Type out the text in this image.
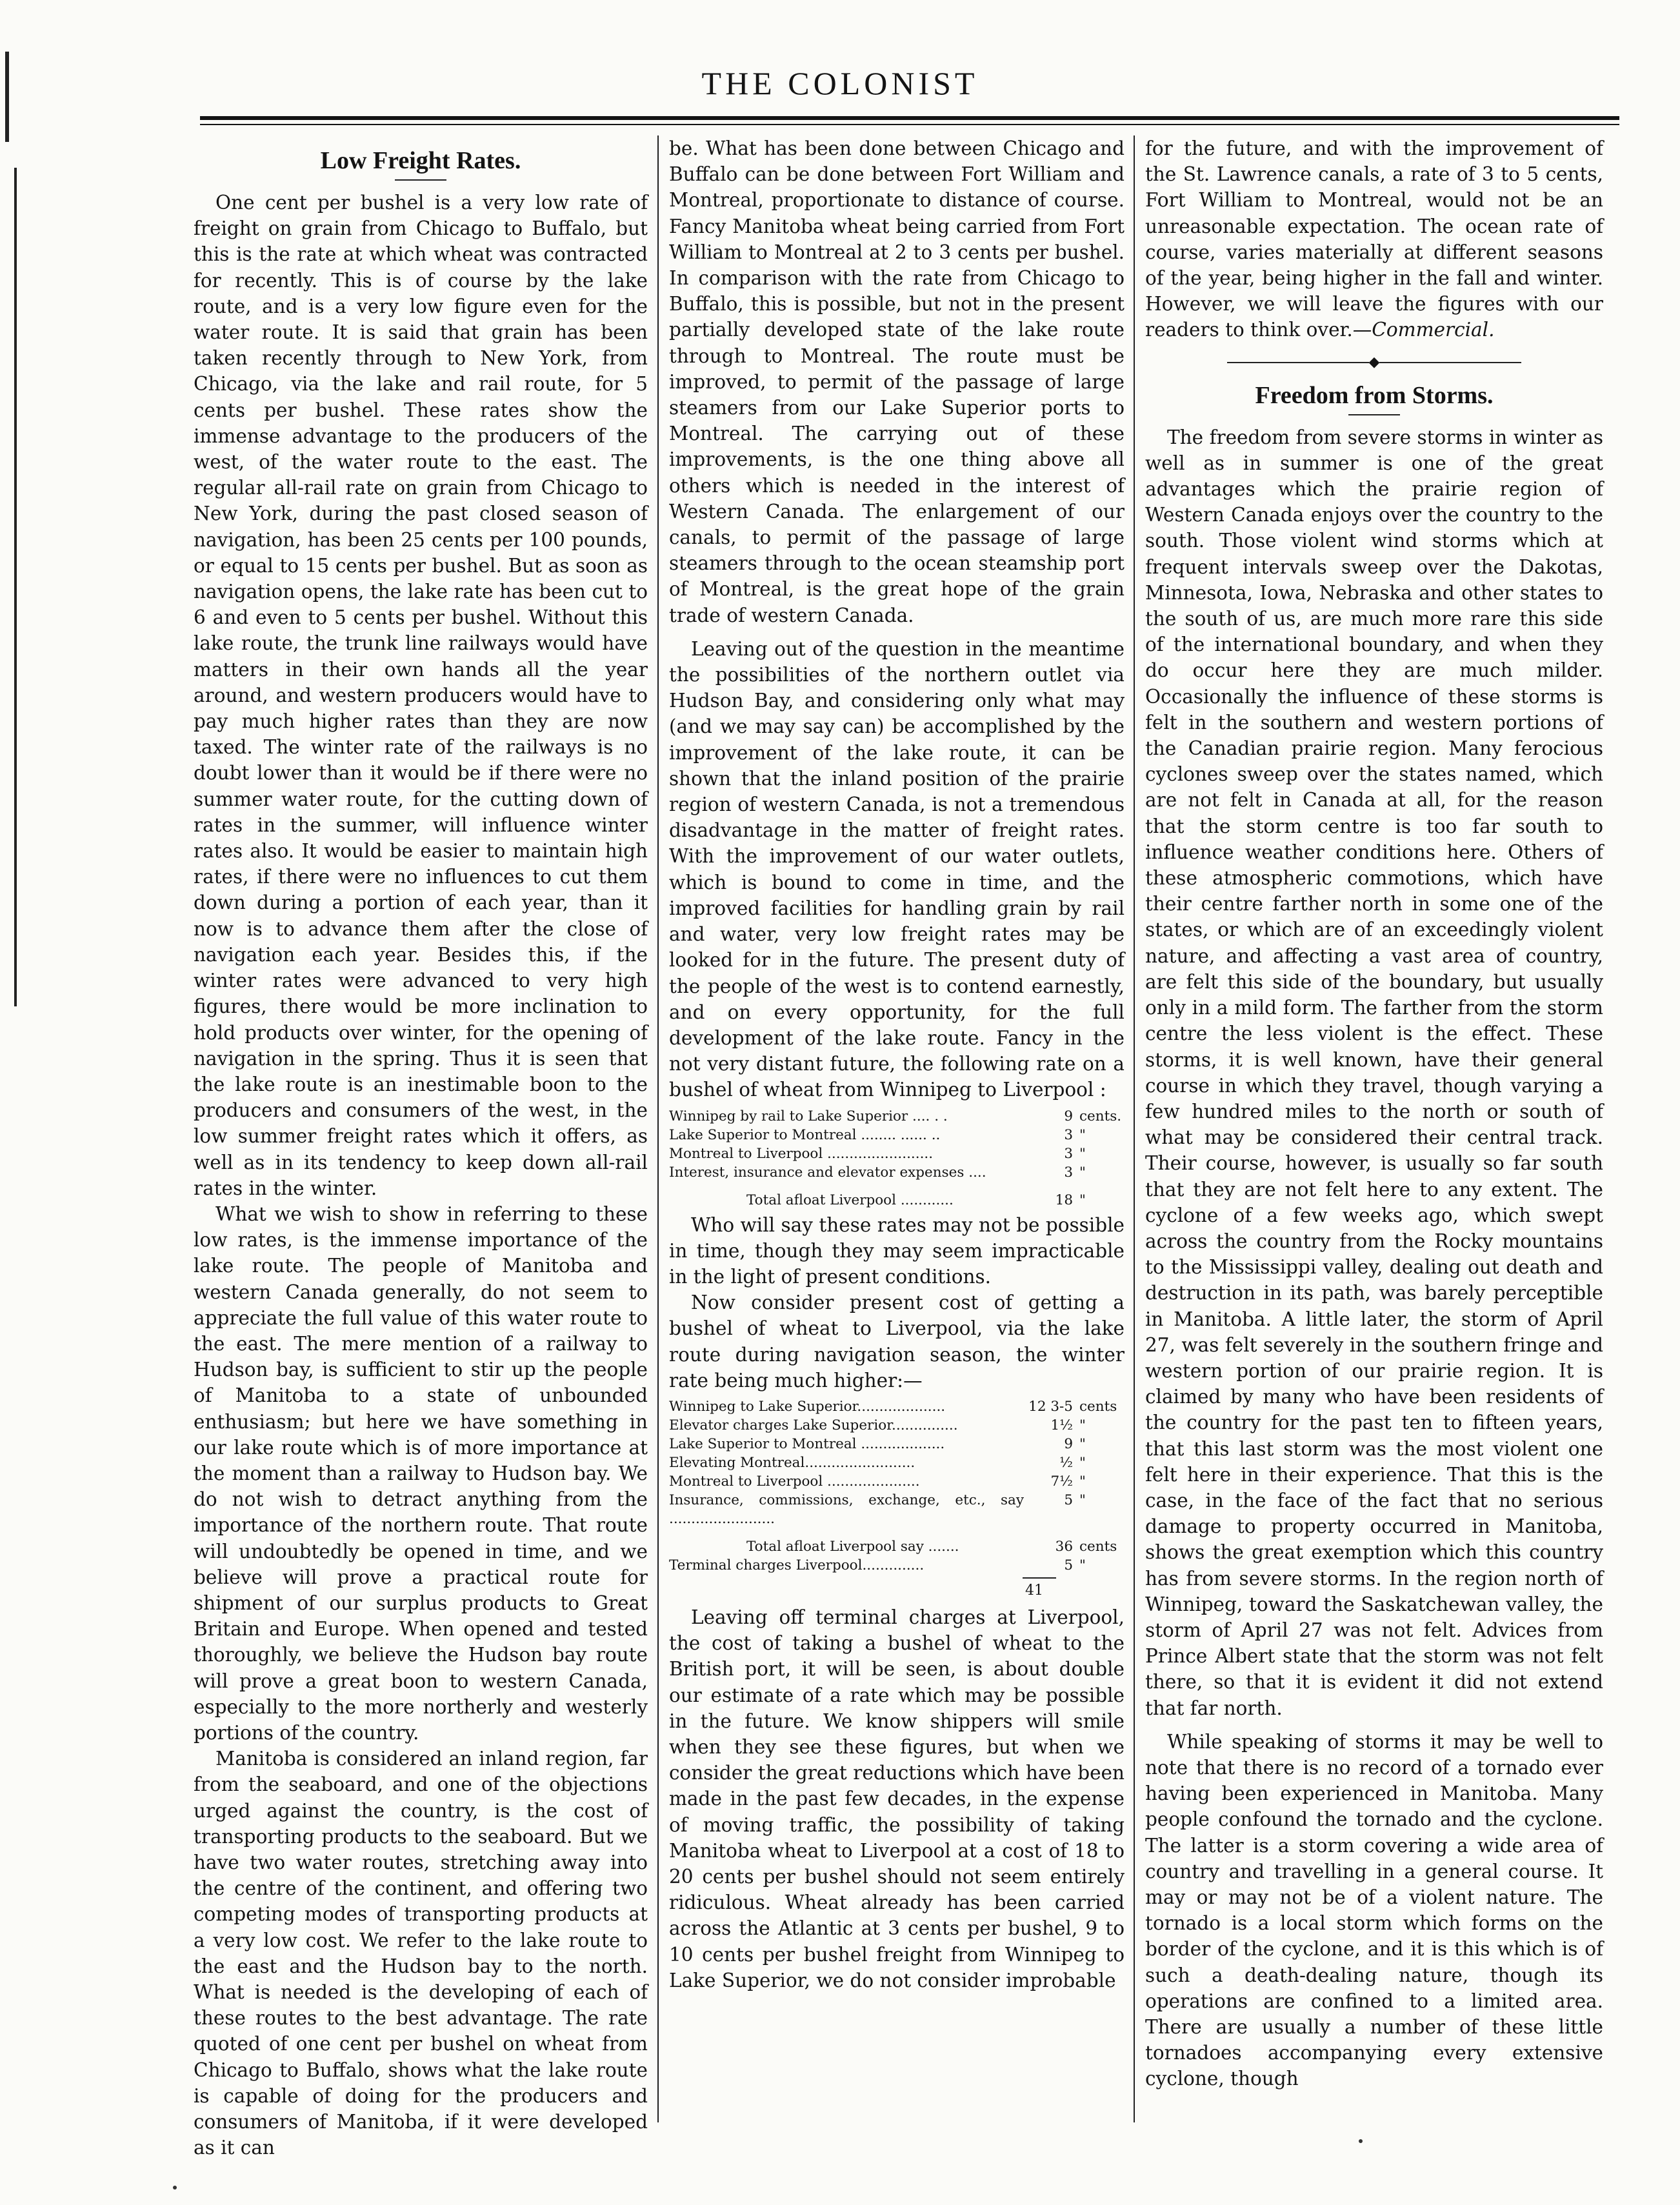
THE COLONIST
Low Freight Rates.

One cent per bushel is a very low rate of freight on grain from Chicago to Buffalo, but this is the rate at which wheat was contracted for recently. This is of course by the lake route, and is a very low figure even for the water route. It is said that grain has been taken recently through to New York, from Chicago, via the lake and rail route, for 5 cents per bushel. These rates show the immense advantage to the producers of the west, of the water route to the east. The regular all-rail rate on grain from Chicago to New York, during the past closed season of navigation, has been 25 cents per 100 pounds, or equal to 15 cents per bushel. But as soon as navigation opens, the lake rate has been cut to 6 and even to 5 cents per bushel. Without this lake route, the trunk line railways would have matters in their own hands all the year around, and western producers would have to pay much higher rates than they are now taxed. The winter rate of the railways is no doubt lower than it would be if there were no summer water route, for the cutting down of rates in the summer, will influence winter rates also. It would be easier to maintain high rates, if there were no influences to cut them down during a portion of each year, than it now is to advance them after the close of navigation each year. Besides this, if the winter rates were advanced to very high figures, there would be more inclination to hold products over winter, for the opening of navigation in the spring. Thus it is seen that the lake route is an inestimable boon to the producers and consumers of the west, in the low summer freight rates which it offers, as well as in its tendency to keep down all-rail rates in the winter.

What we wish to show in referring to these low rates, is the immense importance of the lake route. The people of Manitoba and western Canada generally, do not seem to appreciate the full value of this water route to the east. The mere mention of a railway to Hudson bay, is sufficient to stir up the people of Manitoba to a state of unbounded enthusiasm; but here we have something in our lake route which is of more importance at the moment than a railway to Hudson bay. We do not wish to detract anything from the importance of the northern route. That route will undoubtedly be opened in time, and we believe will prove a practical route for shipment of our surplus products to Great Britain and Europe. When opened and tested thoroughly, we believe the Hudson bay route will prove a great boon to western Canada, especially to the more northerly and westerly portions of the country.

Manitoba is considered an inland region, far from the seaboard, and one of the objections urged against the country, is the cost of transporting products to the seaboard. But we have two water routes, stretching away into the centre of the continent, and offering two competing modes of transporting products at a very low cost. We refer to the lake route to the east and the Hudson bay to the north. What is needed is the developing of each of these routes to the best advantage. The rate quoted of one cent per bushel on wheat from Chicago to Buffalo, shows what the lake route is capable of doing for the producers and consumers of Manitoba, if it were developed as it can

be. What has been done between Chicago and Buffalo can be done between Fort William and Montreal, proportionate to distance of course. Fancy Manitoba wheat being carried from Fort William to Montreal at 2 to 3 cents per bushel. In comparison with the rate from Chicago to Buffalo, this is possible, but not in the present partially developed state of the lake route through to Montreal. The route must be improved, to permit of the passage of large steamers from our Lake Superior ports to Montreal. The carrying out of these improvements, is the one thing above all others which is needed in the interest of Western Canada. The enlargement of our canals, to permit of the passage of large steamers through to the ocean steamship port of Montreal, is the great hope of the grain trade of western Canada.

Leaving out of the question in the meantime the possibilities of the northern outlet via Hudson Bay, and considering only what may (and we may say can) be accomplished by the improvement of the lake route, it can be shown that the inland position of the prairie region of western Canada, is not a tremendous disadvantage in the matter of freight rates. With the improvement of our water outlets, which is bound to come in time, and the improved facilities for handling grain by rail and water, very low freight rates may be looked for in the future. The present duty of the people of the west is to contend earnestly, and on every opportunity, for the full development of the lake route. Fancy in the not very distant future, the following rate on a bushel of wheat from Winnipeg to Liverpool :

Winnipeg by rail to Lake Superior .... . .	9	cents.
Lake Superior to Montreal ........ ...... ..	3	"
Montreal to Liverpool ........................	3	"
Interest, insurance and elevator expenses ....	3	"
Total afloat Liverpool ............	18	"

Who will say these rates may not be possible in time, though they may seem impracticable in the light of present conditions.

Now consider present cost of getting a bushel of wheat to Liverpool, via the lake route during navigation season, the winter rate being much higher:—

Winnipeg to Lake Superior....................	12 3-5	cents
Elevator charges Lake Superior...............	1½	"
Lake Superior to Montreal ...................	9	"
Elevating Montreal.........................	½	"
Montreal to Liverpool .....................	7½	"
Insurance, commissions, exchange, etc., say ........................	5	"
Total afloat Liverpool say .......	36	cents
Terminal charges Liverpool..............	5	"
41

Leaving off terminal charges at Liverpool, the cost of taking a bushel of wheat to the British port, it will be seen, is about double our estimate of a rate which may be possible in the future. We know shippers will smile when they see these figures, but when we consider the great reductions which have been made in the past few decades, in the expense of moving traffic, the possibility of taking Manitoba wheat to Liverpool at a cost of 18 to 20 cents per bushel should not seem entirely ridiculous. Wheat already has been carried across the Atlantic at 3 cents per bushel, 9 to 10 cents per bushel freight from Winnipeg to Lake Superior, we do not consider improbable

for the future, and with the improvement of the St. Lawrence canals, a rate of 3 to 5 cents, Fort William to Montreal, would not be an unreasonable expectation. The ocean rate of course, varies materially at different seasons of the year, being higher in the fall and winter. However, we will leave the figures with our readers to think over.—Commercial.

◆
Freedom from Storms.

The freedom from severe storms in winter as well as in summer is one of the great advantages which the prairie region of Western Canada enjoys over the country to the south. Those violent wind storms which at frequent intervals sweep over the Dakotas, Minnesota, Iowa, Nebraska and other states to the south of us, are much more rare this side of the international boundary, and when they do occur here they are much milder. Occasionally the influence of these storms is felt in the southern and western portions of the Canadian prairie region. Many ferocious cyclones sweep over the states named, which are not felt in Canada at all, for the reason that the storm centre is too far south to influence weather conditions here. Others of these atmospheric commotions, which have their centre farther north in some one of the states, or which are of an exceedingly violent nature, and affecting a vast area of country, are felt this side of the boundary, but usually only in a mild form. The farther from the storm centre the less violent is the effect. These storms, it is well known, have their general course in which they travel, though varying a few hundred miles to the north or south of what may be considered their central track. Their course, however, is usually so far south that they are not felt here to any extent. The cyclone of a few weeks ago, which swept across the country from the Rocky mountains to the Mississippi valley, dealing out death and destruction in its path, was barely perceptible in Manitoba. A little later, the storm of April 27, was felt severely in the southern fringe and western portion of our prairie region. It is claimed by many who have been residents of the country for the past ten to fifteen years, that this last storm was the most violent one felt here in their experience. That this is the case, in the face of the fact that no serious damage to property occurred in Manitoba, shows the great exemption which this country has from severe storms. In the region north of Winnipeg, toward the Saskatchewan valley, the storm of April 27 was not felt. Advices from Prince Albert state that the storm was not felt there, so that it is evident it did not extend that far north.

While speaking of storms it may be well to note that there is no record of a tornado ever having been experienced in Manitoba. Many people confound the tornado and the cyclone. The latter is a storm covering a wide area of country and travelling in a general course. It may or may not be of a violent nature. The tornado is a local storm which forms on the border of the cyclone, and it is this which is of such a death-dealing nature, though its operations are confined to a limited area. There are usually a number of these little tornadoes accompanying every extensive cyclone, though
